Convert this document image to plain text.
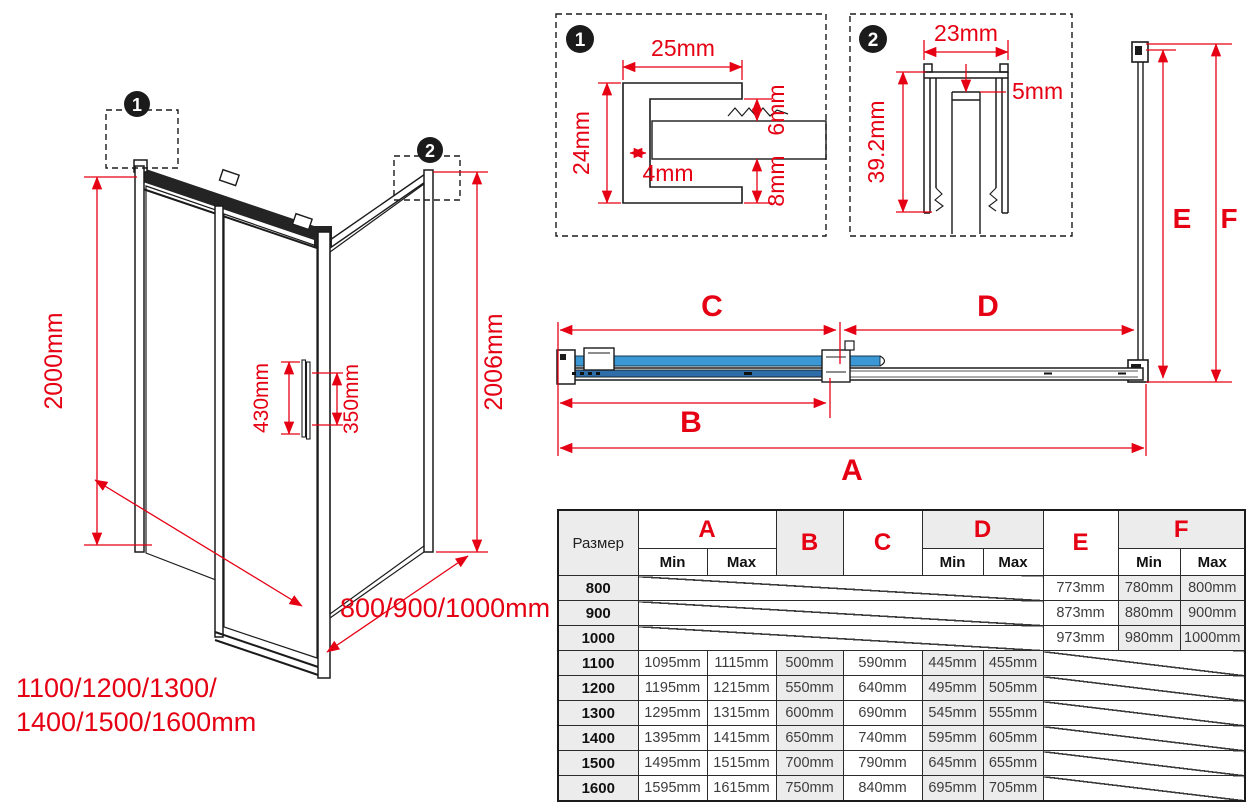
1
2
2000mm	2006mm
430mm	350mm
1100/1200/1300/
1400/1500/1600mm
800/900/1000mm
1	25mm
24mm 4mm
6mm
8mm
2 23mm
5mm
39.2mm
E F
C	D
B
A
Размер	A		B	C	D		E	F	
	Min	Max			Min	Max		Min	Max
800							773mm	780mm	800mm
900							873mm	880mm	900mm
1000							973mm	980mm	1000mm
1100	1095mm	1115mm	500mm	590mm	445mm	455mm			
1200	1195mm	1215mm	550mm	640mm	495mm	505mm			
1300	1295mm	1315mm	600mm	690mm	545mm	555mm			
1400	1395mm	1415mm	650mm	740mm	595mm	605mm			
1500	1495mm	1515mm	700mm	790mm	645mm	655mm			
1600	1595mm	1615mm	750mm	840mm	695mm	705mm			
